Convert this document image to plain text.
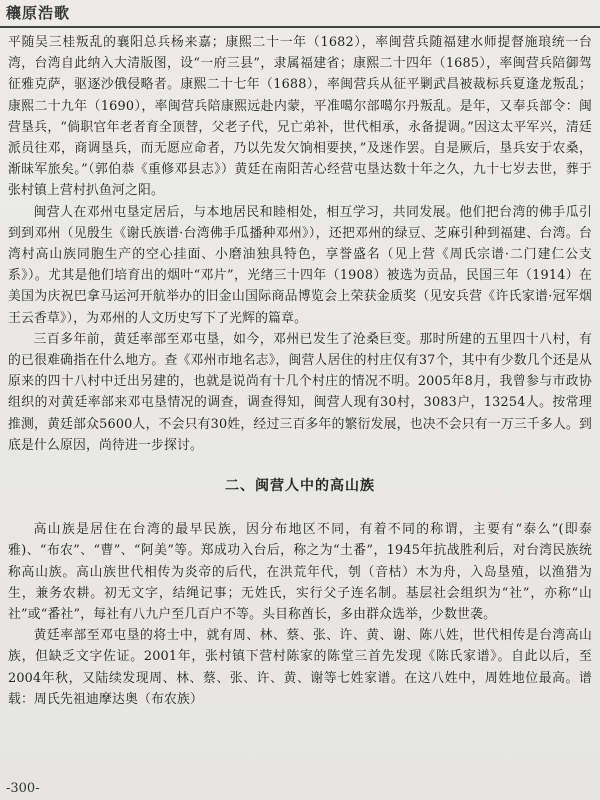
穰原浩歌

平随吴三桂叛乱的襄阳总兵杨来嘉；康熙二十一年（1682），率闽营兵随福建水师提督施琅统一台湾，台湾自此纳入大清版图，设“一府三县”，隶属福建省；康熙二十四年（1685），率闽营兵陪御驾征雅克萨，驱逐沙俄侵略者。康熙二十七年（1688），率闽营兵从征平剿武昌被裁标兵夏逢龙叛乱；康熙二十九年（1690），率闽营兵陪康熙远赴内蒙，平准噶尔部噶尔丹叛乱。是年，又奉兵部令：闽营垦兵，“倘职官年老者育全顶替，父老子代，兄亡弟补，世代相承，永备提调。”因这太平军兴，清廷派员往邓，商调垦兵，而无愿应命者，乃以先发欠饷相要挟，”及迷作罢。自是厥后，垦兵安于农桑，渐昧军旅矣。”（郭伯恭《重修邓县志》）黄廷在南阳苦心经营屯垦达数十年之久，九十七岁去世，葬于张村镇上营村扒鱼河之阳。

闽营人在邓州屯垦定居后，与本地居民和睦相处，相互学习，共同发展。他们把台湾的佛手瓜引到到邓州（见殷生《谢氏族谱·台湾佛手瓜播种邓州》），还把邓州的绿豆、芝麻引种到福建、台湾。台湾村高山族同胞生产的空心挂面、小磨油独具特色，享誉盛名（见上营《周氏宗谱·二门建仁公支系》）。尤其是他们培育出的烟叶“邓片”，光绪三十四年（1908）被选为贡品，民国三年（1914）在美国为庆祝巴拿马运河开航举办的旧金山国际商品博览会上荣获金质奖（见安兵营《许氏家谱·冠军烟王云香草》），为邓州的人文历史写下了光辉的篇章。

三百多年前，黄廷率部至邓屯垦，如今，邓州已发生了沧桑巨变。那时所建的五里四十八村，有的已很难确指在什么地方。查《邓州市地名志》，闽营人居住的村庄仅有37个，其中有少数几个还是从原来的四十八村中迁出另建的，也就是说尚有十几个村庄的情况不明。2005年8月，我曾参与市政协组织的对黄廷率部来邓屯垦情况的调查，调查得知，闽营人现有30村，3083户，13254人。按常理推测，黄廷部众5600人，不会只有30姓，经过三百多年的繁衍发展，也决不会只有一万三千多人。到底是什么原因，尚待进一步探讨。

二、闽营人中的高山族

高山族是居住在台湾的最早民族，因分布地区不同，有着不同的称谓，主要有“泰么”(即泰雅)、“布农”、“曹”、“阿美”等。郑成功入台后，称之为“土番”，1945年抗战胜利后，对台湾民族统称高山族。高山族世代相传为炎帝的后代，在洪荒年代，刳（音枯）木为舟，入岛垦殖，以渔猎为生，兼务农耕。初无文字，结绳记事；无姓氏，实行父子连名制。基层社会组织为“社”，亦称“山社”或“番社”，每社有八九户至几百户不等。头目称酋长，多由群众选举，少数世袭。

黄廷率部至邓屯垦的将士中，就有周、林、蔡、张、许、黄、谢、陈八姓，世代相传是台湾高山族，但缺乏文字佐证。2001年，张村镇下营村陈家的陈堂三首先发现《陈氏家谱》。自此以后，至2004年秋，又陆续发现周、林、蔡、张、许、黄、谢等七姓家谱。在这八姓中，周姓地位最高。谱载：周氏先祖迪摩达奥（布农族）

-300-
